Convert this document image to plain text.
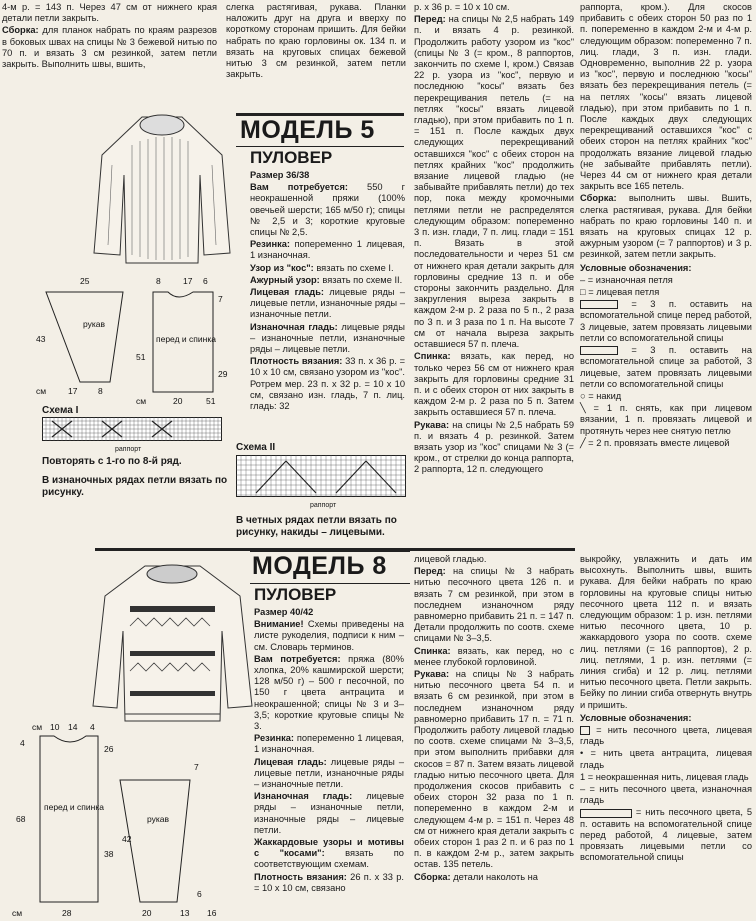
4-м р. = 143 п. Через 47 см от нижнего края детали петли закрыть.

Сборка: для планок набрать по краям разрезов в боковых швах на спицы № 3 бежевой нитью по 70 п. и вязать 3 см резинкой, затем петли закрыть. Выполнить швы, вшить,

слегка растягивая, рукава. Планки наложить друг на друга и вверху по короткому сторонам пришить. Для бейки набрать по краю горловины ок. 134 п. и вязать на круговых спицах бежевой нитью 3 см резинкой, затем петли закрыть.

МОДЕЛЬ 5
ПУЛОВЕР

Размер 36/38

Вам потребуется: 550 г неокрашенной пряжи (100% овечьей шерсти; 165 м/50 г); спицы № 2,5 и 3; короткие круговые спицы № 2,5.

Резинка: попеременно 1 лицевая, 1 изнаночная.

Узор из "кос": вязать по схеме I.

Ажурный узор: вязать по схеме II.

Лицевая гладь: лицевые ряды – лицевые петли, изнаночные ряды – изнаночные петли.

Изнаночная гладь: лицевые ряды – изнаночные петли, изнаночные ряды – лицевые петли.

Плотность вязания: 33 п. х 36 р. = 10 х 10 см, связано узором из "кос". Ротрем мер. 23 п. х 32 р. = 10 х 10 см, связано изн. гладь, 7 п. лиц. гладь: 32

р. х 36 р. = 10 х 10 см.

Перед: на спицы № 2,5 набрать 149 п. и вязать 4 р. резинкой. Продолжить работу узором из "кос" (спицы № 3 (= кром., 8 раппортов, закончить по схеме I, кром.) Связав 22 р. узора из "кос", первую и последнюю "косы" вязать без перекрещивания петель (= на петлях "косы" вязать лицевой гладью), при этом прибавить по 1 п. = 151 п. После каждых двух следующих перекрещиваний оставшихся "кос" с обеих сторон на петлях крайних "кос" продолжить вязание лицевой гладью (не забывайте прибавлять петли) до тех пор, пока между кромочными петлями петли не распределятся следующим образом: попеременно 3 п. изн. глади, 7 п. лиц. глади = 151 п. Вязать в этой последовательности и через 51 см от нижнего края детали закрыть для горловины средние 13 п. и обе стороны закончить раздельно. Для закругления выреза закрыть в каждом 2-м р. 2 раза по 5 п., 2 раза по 3 п. и 3 раза по 1 п. На высоте 7 см от начала выреза закрыть оставшиеся 57 п. плеча.

Спинка: вязать, как перед, но только через 56 см от нижнего края закрыть для горловины средние 31 п. и с обеих сторон от них закрыть в каждом 2-м р. 2 раза по 5 п. Затем закрыть оставшиеся 57 п. плеча.

Рукава: на спицы № 2,5 набрать 59 п. и вязать 4 р. резинкой. Затем вязать узор из "кос" спицами № 3 (= кром., от стрелки до конца раппорта, 2 раппорта, 12 п. следующего

раппорта, кром.). Для скосов прибавить с обеих сторон 50 раз по 1 п. попеременно в каждом 2-м и 4-м р. следующим образом: попеременно 7 п. лиц. глади, 3 п. изн. глади. Одновременно, выполнив 22 р. узора из "кос", первую и последнюю "косы" вязать без перекрещивания петель (= на петлях "косы" вязать лицевой гладью), при этом прибавить по 1 п. После каждых двух следующих перекрещиваний оставшихся "кос" с обеих сторон на петлях крайних "кос" продолжать вязание лицевой гладью (не забывайте прибавлять петли). Через 44 см от нижнего края детали закрыть все 165 петель.

Сборка: выполнить швы. Вшить, слегка растягивая, рукава. Для бейки набрать по краю горловины 140 п. и вязать на круговых спицах 12 р. ажурным узором (= 7 раппортов) и 3 р. резинкой, затем петли закрыть.

Условные обозначения:

– = изнаночная петля

□ = лицевая петля

= 3 п. оставить на вспомогательной спице перед работой, 3 лицевые, затем провязать лицевыми петли со вспомогательной спицы

= 3 п. оставить на вспомогательной спице за работой, 3 лицевые, затем провязать лицевыми петли со вспомогательной спицы

○ = накид

╲ = 1 п. снять, как при лицевом вязании, 1 п. провязать лицевой и протянуть через нее снятую петлю

╱ = 2 п. провязать вместе лицевой

25	8	17 6
43
рукав
перед и спинка
7
51
29
см	17 8
см	20	51
Схема I
раппорт
Повторять с 1-го по 8-й ряд.
В изнаночных рядах петли вязать по рисунку.
Схема II
раппорт
В четных рядах петли вязать по рисунку, накиды – лицевыми.
МОДЕЛЬ 8
ПУЛОВЕР

Размер 40/42

Внимание! Схемы приведены на листе рукоделия, подписи к ним – см. Словарь терминов.

Вам потребуется: пряжа (80% хлопка, 20% кашмирской шерсти; 128 м/50 г) – 500 г песочной, по 150 г цвета антрацита и неокрашенной; спицы № 3 и 3–3,5; короткие круговые спицы № 3.

Резинка: попеременно 1 лицевая, 1 изнаночная.

Лицевая гладь: лицевые ряды – лицевые петли, изнаночные ряды – изнаночные петли.

Изнаночная гладь: лицевые ряды – изнаночные петли, изнаночные ряды – лицевые петли.

Жаккардовые узоры и мотивы с "косами": вязать по соответствующим схемам.

Плотность вязания: 26 п. х 33 р. = 10 х 10 см, связано

лицевой гладью.

Перед: на спицы № 3 набрать нитью песочного цвета 126 п. и вязать 7 см резинкой, при этом в последнем изнаночном ряду равномерно прибавить 21 п. = 147 п. Детали продолжить по соотв. схеме спицами № 3–3,5.

Спинка: вязать, как перед, но с менее глубокой горловиной.

Рукава: на спицы № 3 набрать нитью песочного цвета 54 п. и вязать 6 см резинкой, при этом в последнем изнаночном ряду равномерно прибавить 17 п. = 71 п. Продолжить работу лицевой гладью по соотв. схеме спицами № 3–3,5, при этом выполнить прибавки для скосов = 87 п. Затем вязать лицевой гладью нитью песочного цвета. Для продолжения скосов прибавить с обеих сторон 32 раза по 1 п. попеременно в каждом 2-м и следующем 4-м р. = 151 п. Через 48 см от нижнего края детали закрыть с обеих сторон 1 раз 2 п. и 6 раз по 1 п. в каждом 2-м р., затем закрыть остав. 135 петель.

Сборка: детали наколоть на

выкройку, увлажнить и дать им высохнуть. Выполнить швы, вшить рукава. Для бейки набрать по краю горловины на круговые спицы нитью песочного цвета 112 п. и вязать следующим образом: 1 р. изн. петлями нитью песочного цвета, 10 р. жаккардового узора по соотв. схеме лиц. петлями (= 16 раппортов), 2 р. лиц. петлями, 1 р. изн. петлями (= линия сгиба) и 12 р. лиц. петлями нитью песочного цвета. Петли закрыть. Бейку по линии сгиба отвернуть внутрь и пришить.

Условные обозначения:

= нить песочного цвета, лицевая гладь

• = нить цвета антрацита, лицевая гладь

1 = неокрашенная нить, лицевая гладь

– = нить песочного цвета, изнаночная гладь

= нить песочного цвета, 5 п. оставить на вспомогательной спице перед работой, 4 лицевые, затем провязать лицевыми петли со вспомогательной спицы

см 10 14 4
4
26
68
перед и спинка
38
7
рукав
42
6
см	28	20	13 16
